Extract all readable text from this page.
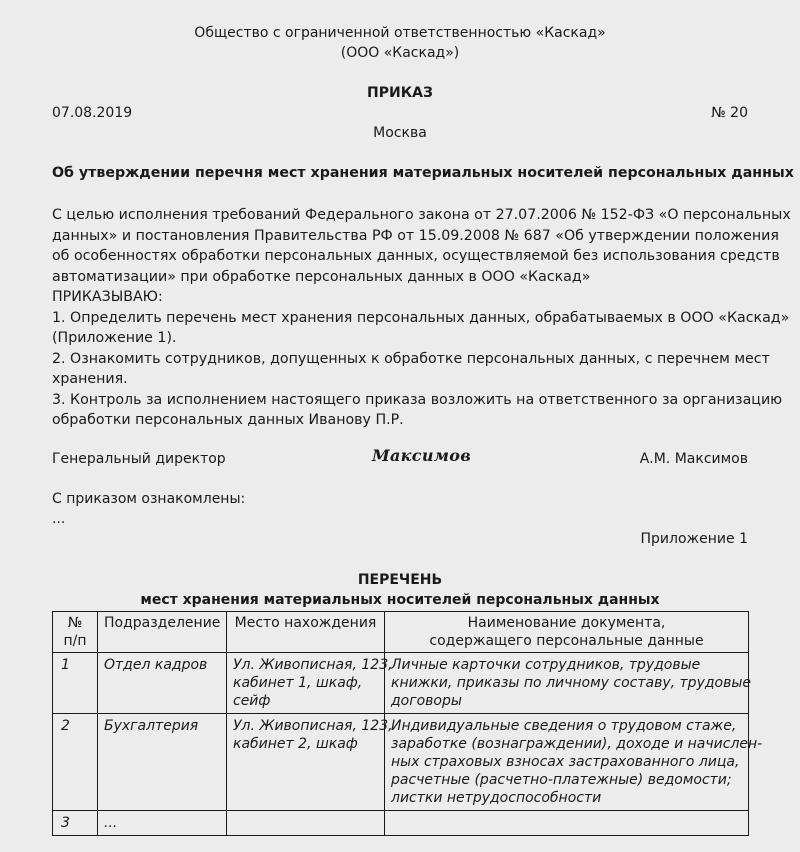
Общество с ограниченной ответственностью «Каскад»
(ООО «Каскад»)
ПРИКАЗ
07.08.2019	№ 20
Москва
Об утверждении перечня мест хранения материальных носителей персональных данных
С целью исполнения требований Федерального закона от 27.07.2006 № 152-ФЗ «О персональных
данных» и постановления Правительства РФ от 15.09.2008 № 687 «Об утверждении положения
об особенностях обработки персональных данных, осуществляемой без использования средств
автоматизации» при обработке персональных данных в ООО «Каскад»
ПРИКАЗЫВАЮ:
1. Определить перечень мест хранения персональных данных, обрабатываемых в ООО «Каскад»
(Приложение 1).
2. Ознакомить сотрудников, допущенных к обработке персональных данных, с перечнем мест
хранения.
3. Контроль за исполнением настоящего приказа возложить на ответственного за организацию
обработки персональных данных Иванову П.Р.
Генеральный директор	Максимов	А.М. Максимов
С приказом ознакомлены:
...
Приложение 1
ПЕРЕЧЕНЬ
мест хранения материальных носителей персональных данных
№
п/п	Подразделение	Место нахождения	Наименование документа,
содержащего персональные данные

1	Отдел кадров	Ул. Живописная, 123,
кабинет 1, шкаф,
сейф	Личные карточки сотрудников, трудовые
книжки, приказы по личному составу, трудовые
договоры

2	Бухгалтерия	Ул. Живописная, 123,
кабинет 2, шкаф	Индивидуальные сведения о трудовом стаже,
заработке (вознаграждении), доходе и начислен-
ных страховых взносах застрахованного лица,
расчетные (расчетно-платежные) ведомости;
листки нетрудоспособности

3	...		
